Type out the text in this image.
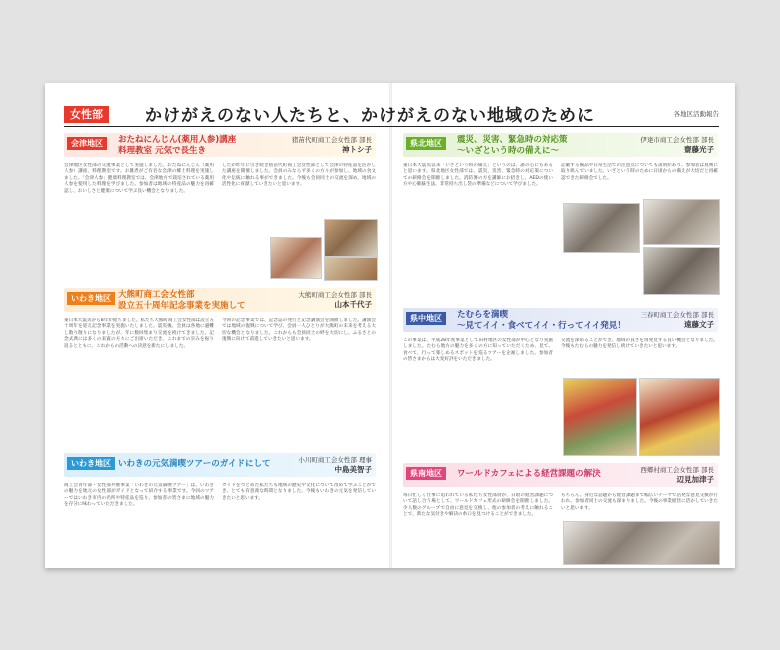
女性部	かけがえのない人たちと、かけがえのない地域のために	各地区活動報告
会津地区	おたねにんじん(薬用人参)講座
料理教室 元気で長生き
猪苗代町商工会女性部 部長
神トシ子
会津地区女性部の交流事業として実施しました。おたねにんじん（薬用人参）講座、料理教室です。お雑煮がご有名な会津の郷土料理を実施しました。「会津人参」健康料理教室では、会津地方で栽培されている薬用人参を使用した料理を学びました。参加者は地域の特産品の魅力を再確認し、おいしさと健康について学ぶ良い機会となりました。
したが昨年に引き続き猪苗代町商工会女性部として会津の特産品を活かした講座を開催しました。会員のみならず多くの方々が参加し、地域の食文化や伝統に触れる事ができました。今後も会員同士の交流を深め、地域の活性化に貢献していきたいと思います。
いわき地区 大熊町商工会女性部
設立五十周年記念事業を実施して
大熊町商工会女性部 部長
山本千代子
東日本大震災から8年が経ちました。私たち大熊町商工会女性部は設立五十周年を迎え記念事業を実施いたしました。震災後、会員は各地に避難し散り散りになりましたが、年に数回集まり交流を続けてきました。記念式典には多くの来賓の方々にご出席いただき、これまでの歩みを振り返るとともに、これからの活動への決意を新たにしました。
今回の記念事業では、記念誌の発行と記念講演会を開催しました。講演会では地域の復興について学び、会員一人ひとりが大熊町の未来を考える大切な機会となりました。これからも会員同士の絆を大切にし、ふるさとの復興に向けて前進していきたいと思います。
いわき地区 いわきの元気満喫ツアーのガイドにして	小川町商工会女性部 理事
中島美智子
商工会青年部・女性部共催事業「いわきの元気満喫ツアー」は、いわきの魅力を地元の女性部がガイドとなって紹介する事業です。今回のツアーではいわき市内の名所や特産品を巡り、参加者の皆さまに地域の魅力を存分に味わっていただきました。
ガイドをつとめた私たちも地域の歴史や文化について改めて学ぶことができ、とても有意義な時間となりました。今後もいわきの元気を発信していきたいと思います。
県北地区	震災、災害、緊急時の対応策
〜いざという時の備えに〜
伊達市商工会女性部 部長
齋藤光子
東日本大震災以来「いざという時の備え」というのは、誰の心にもあると思います。県北地区女性部では、震災、災害、緊急時の対応策についての研修会を開催しました。消防署の方を講師にお招きし、AEDの使い方や心肺蘇生法、非常持ち出し袋の準備などについて学びました。
記載する備品や日常生活での注意点についても説明があり、参加者は真剣に取り組んでいました。いざという時のために日頃からの備えが大切だと再確認できた研修会でした。
県中地区	たむらを満喫
〜見てイイ・食べてイイ・行ってイイ発見！
三春町商工会女性部 部長
遠藤文子
この事業は、平成28年度事業として田村地区の女性部が中心となり実施しました。たむら地方の魅力を多くの方に知っていただくため、見て、食べて、行って楽しめるスポットを巡るツアーを企画しました。参加者の皆さまからは大変好評をいただきました。
交流を深めることができ、地域の良さを再発見する良い機会となりました。今後もたむらの魅力を発信し続けていきたいと思います。
県南地区	ワールドカフェによる経営課題の解決	西郷村商工会女性部 部長
辺見加津子
毎日忙しく仕事に追われている私たち女性部員が、日頃の経営課題について話し合う場として、ワールドカフェ形式の研修会を開催しました。少人数のグループで自由に意見を交換し、他の参加者の考えに触れることで、新たな気付きや解決の糸口を見つけることができました。
もちろん、身近な話題から経営課題まで幅広いテーマで活発な意見交換が行われ、参加者同士の交流も深まりました。今後の事業経営に活かしていきたいと思います。
